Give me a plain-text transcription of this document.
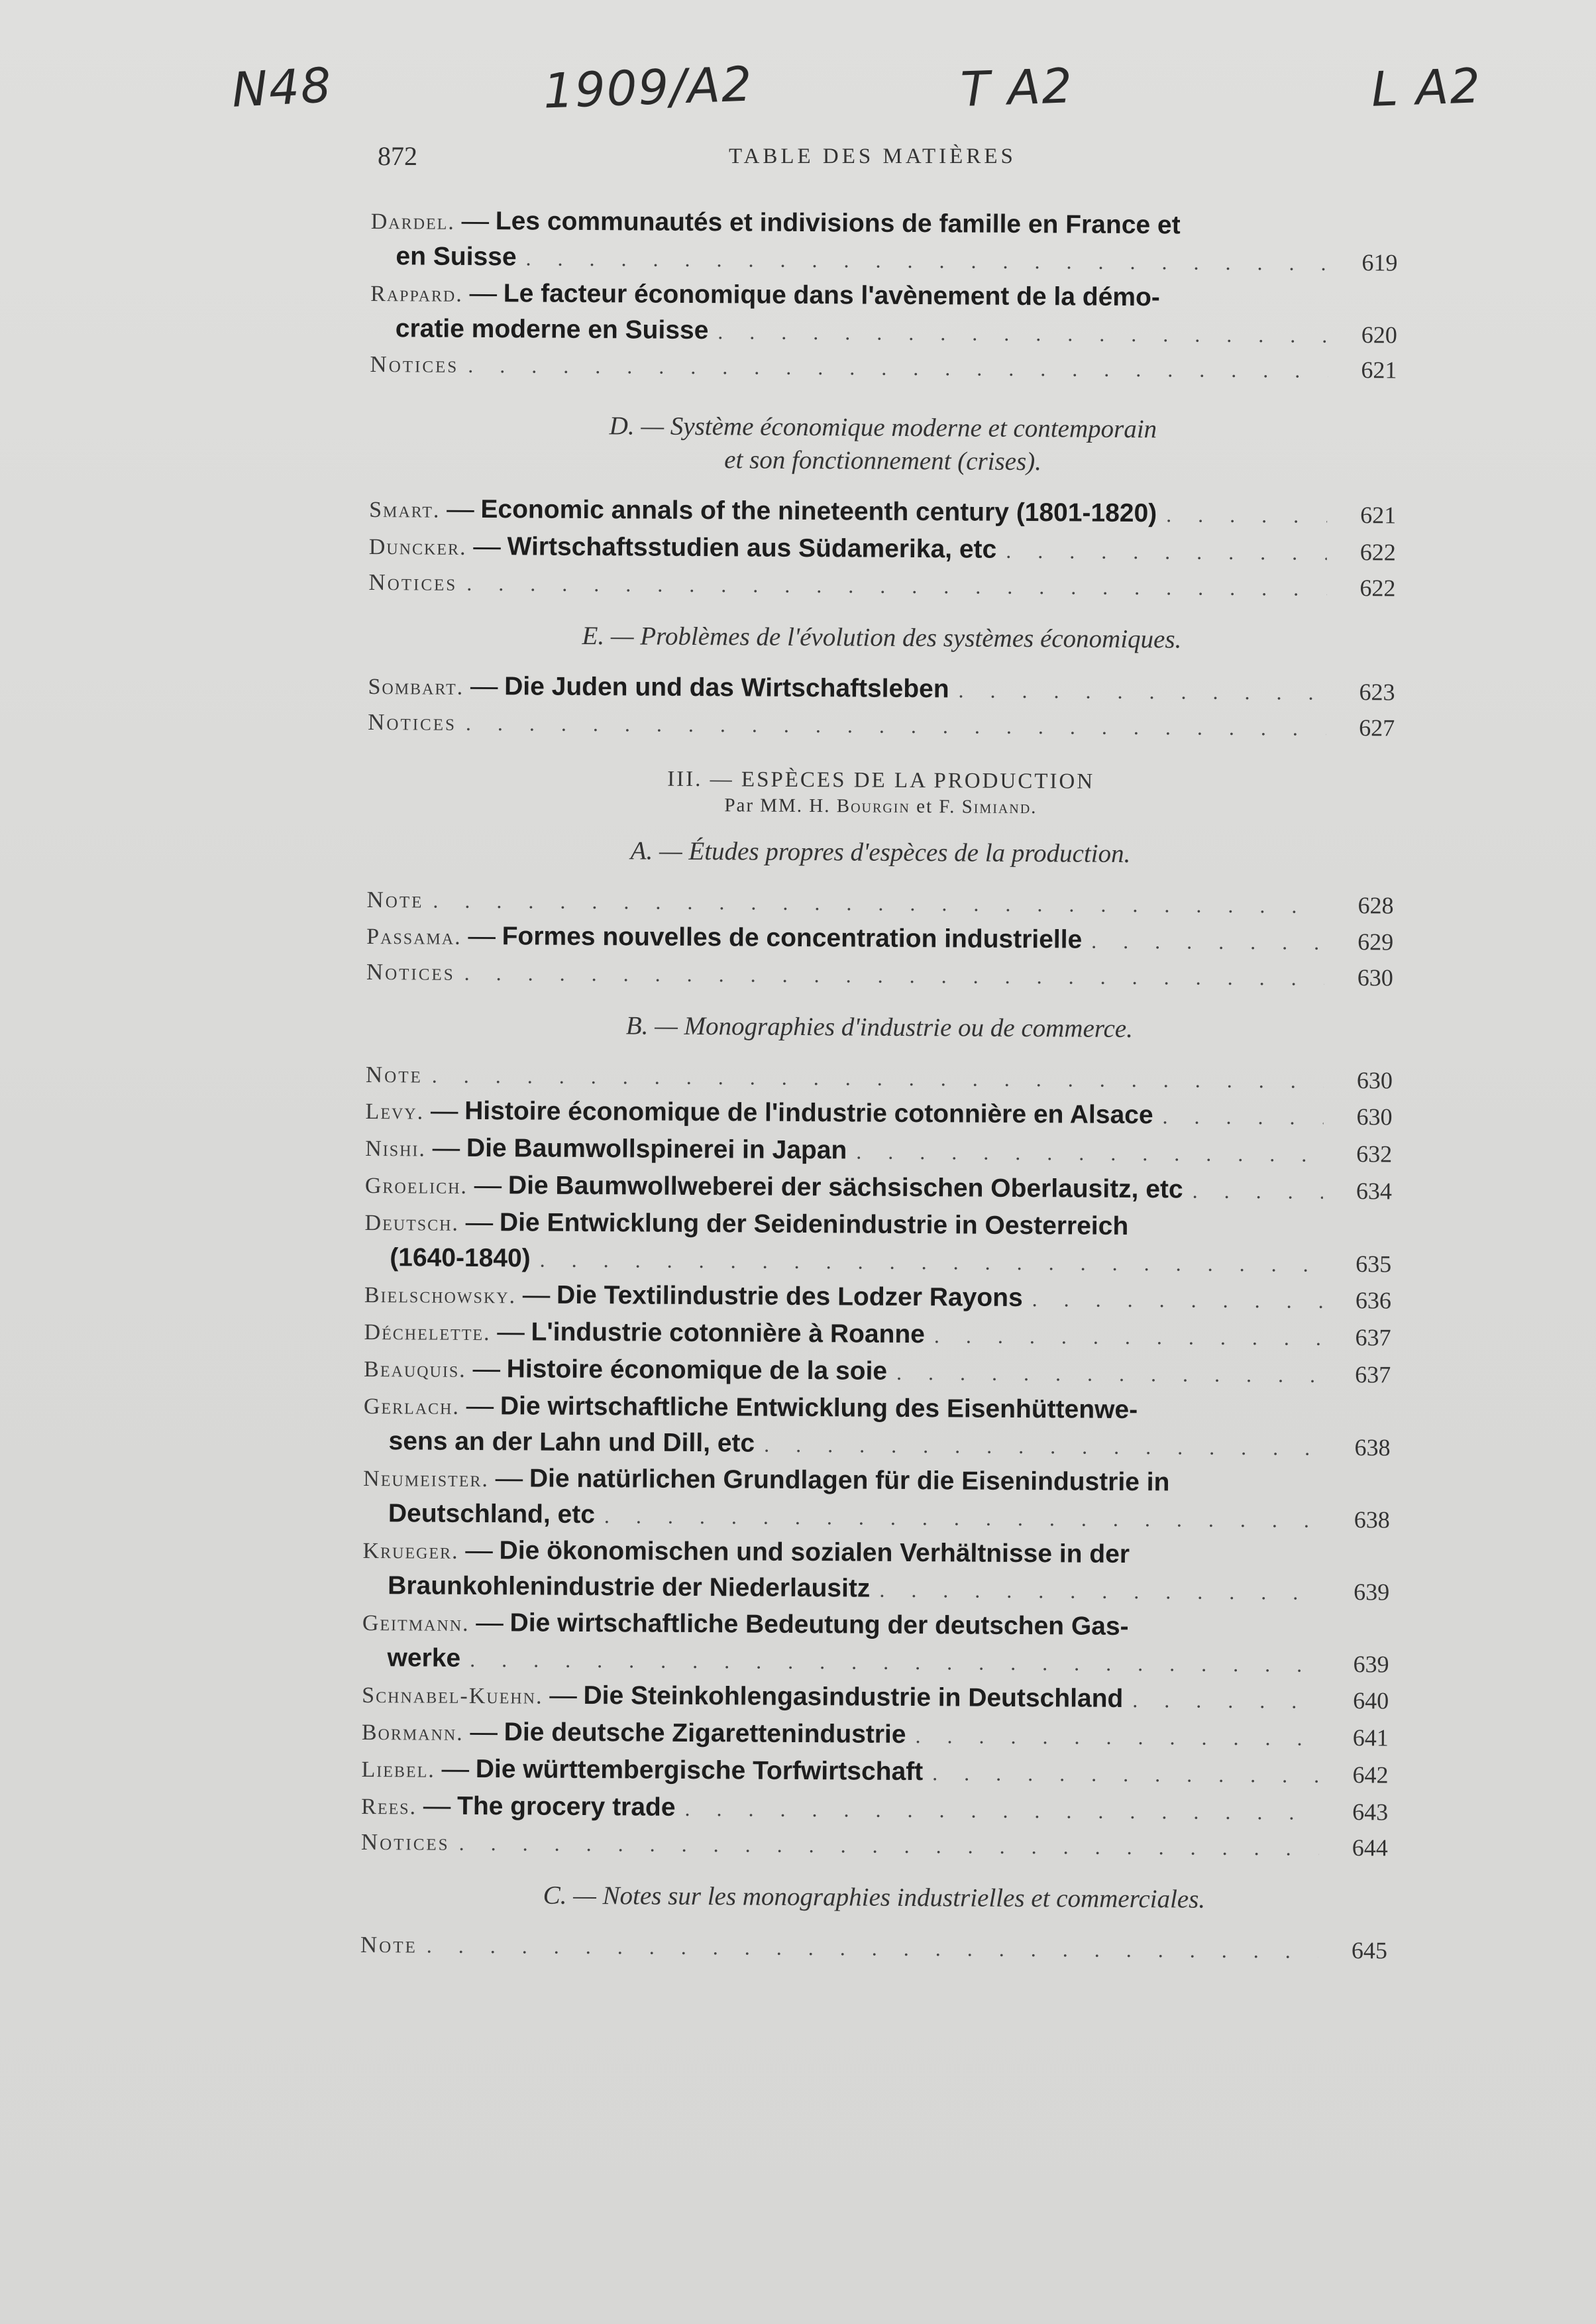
N48	1909/A2	T A2	L A2
872	TABLE DES MATIÈRES
Dardel. — Les communautés et indivisions de famille en France et
en Suisse . . .	619
Rappard. — Le facteur économique dans l'avènement de la démo-
cratie moderne en Suisse . . .	620
Notices . . .	621
D. — Système économique moderne et contemporain
et son fonctionnement (crises).
Smart. — Economic annals of the nineteenth century (1801-1820) . . .	621
Duncker. — Wirtschaftsstudien aus Südamerika, etc . . .	622
Notices . . .	622
E. — Problèmes de l'évolution des systèmes économiques.
Sombart. — Die Juden und das Wirtschaftsleben . . .	623
Notices . . .	627
III. — ESPÈCES DE LA PRODUCTION
Par MM. H. Bourgin et F. Simiand.
A. — Études propres d'espèces de la production.
Note . . .	628
Passama. — Formes nouvelles de concentration industrielle . . .	629
Notices . . .	630
B. — Monographies d'industrie ou de commerce.
Note . . .	630
Levy. — Histoire économique de l'industrie cotonnière en Alsace . . .	630
Nishi. — Die Baumwollspinerei in Japan . . .	632
Groelich. — Die Baumwollweberei der sächsischen Oberlausitz, etc . . .	634
Deutsch. — Die Entwicklung der Seidenindustrie in Oesterreich
(1640-1840) . . .	635
Bielschowsky. — Die Textilindustrie des Lodzer Rayons . . .	636
Déchelette. — L'industrie cotonnière à Roanne . . .	637
Beauquis. — Histoire économique de la soie . . .	637
Gerlach. — Die wirtschaftliche Entwicklung des Eisenhüttenwe-
sens an der Lahn und Dill, etc . . .	638
Neumeister. — Die natürlichen Grundlagen für die Eisenindustrie in
Deutschland, etc . . .	638
Krueger. — Die ökonomischen und sozialen Verhältnisse in der
Braunkohlenindustrie der Niederlausitz . . .	639
Geitmann. — Die wirtschaftliche Bedeutung der deutschen Gas-
werke . . .	639
Schnabel-Kuehn. — Die Steinkohlengasindustrie in Deutschland . . .	640
Bormann. — Die deutsche Zigarettenindustrie . . .	641
Liebel. — Die württembergische Torfwirtschaft . . .	642
Rees. — The grocery trade . . .	643
Notices . . .	644
C. — Notes sur les monographies industrielles et commerciales.
Note . . .	645
